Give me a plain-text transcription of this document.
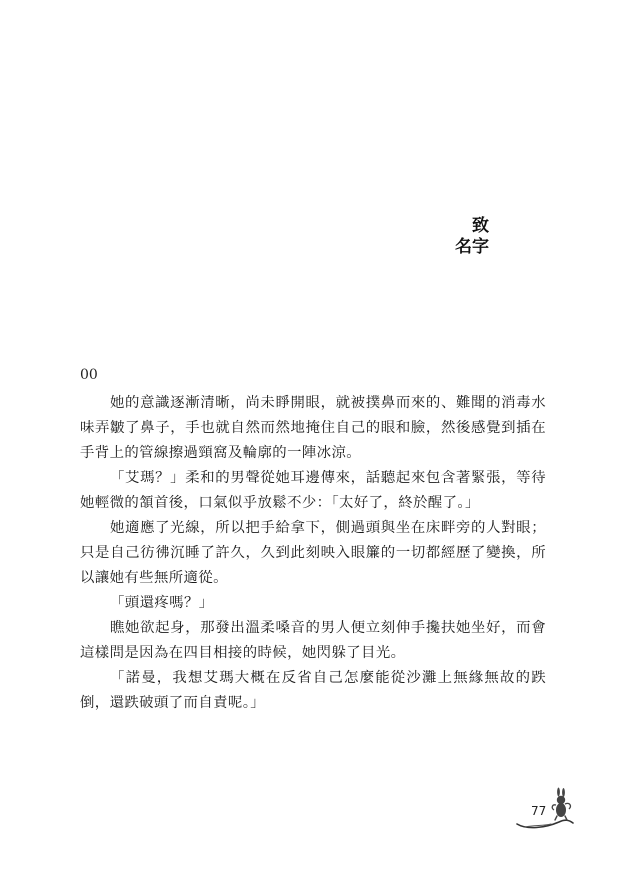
致
名字
00

她的意識逐漸清晰，尚未睜開眼，就被撲鼻而來的、難聞的消毒水味弄皺了鼻子，手也就自然而然地掩住自己的眼和臉，然後感覺到插在手背上的管線擦過頸窩及輪廓的一陣冰涼。

「艾瑪？」柔和的男聲從她耳邊傳來，話聽起來包含著緊張，等待她輕微的頷首後，口氣似乎放鬆不少：「太好了，終於醒了。」

她適應了光線，所以把手給拿下，側過頭與坐在床畔旁的人對眼；只是自己彷彿沉睡了許久，久到此刻映入眼簾的一切都經歷了變換，所以讓她有些無所適從。

「頭還疼嗎？」

瞧她欲起身，那發出溫柔嗓音的男人便立刻伸手攙扶她坐好，而會這樣問是因為在四目相接的時候，她閃躲了目光。

「諾曼，我想艾瑪大概在反省自己怎麼能從沙灘上無緣無故的跌倒，還跌破頭了而自責呢。」

77
